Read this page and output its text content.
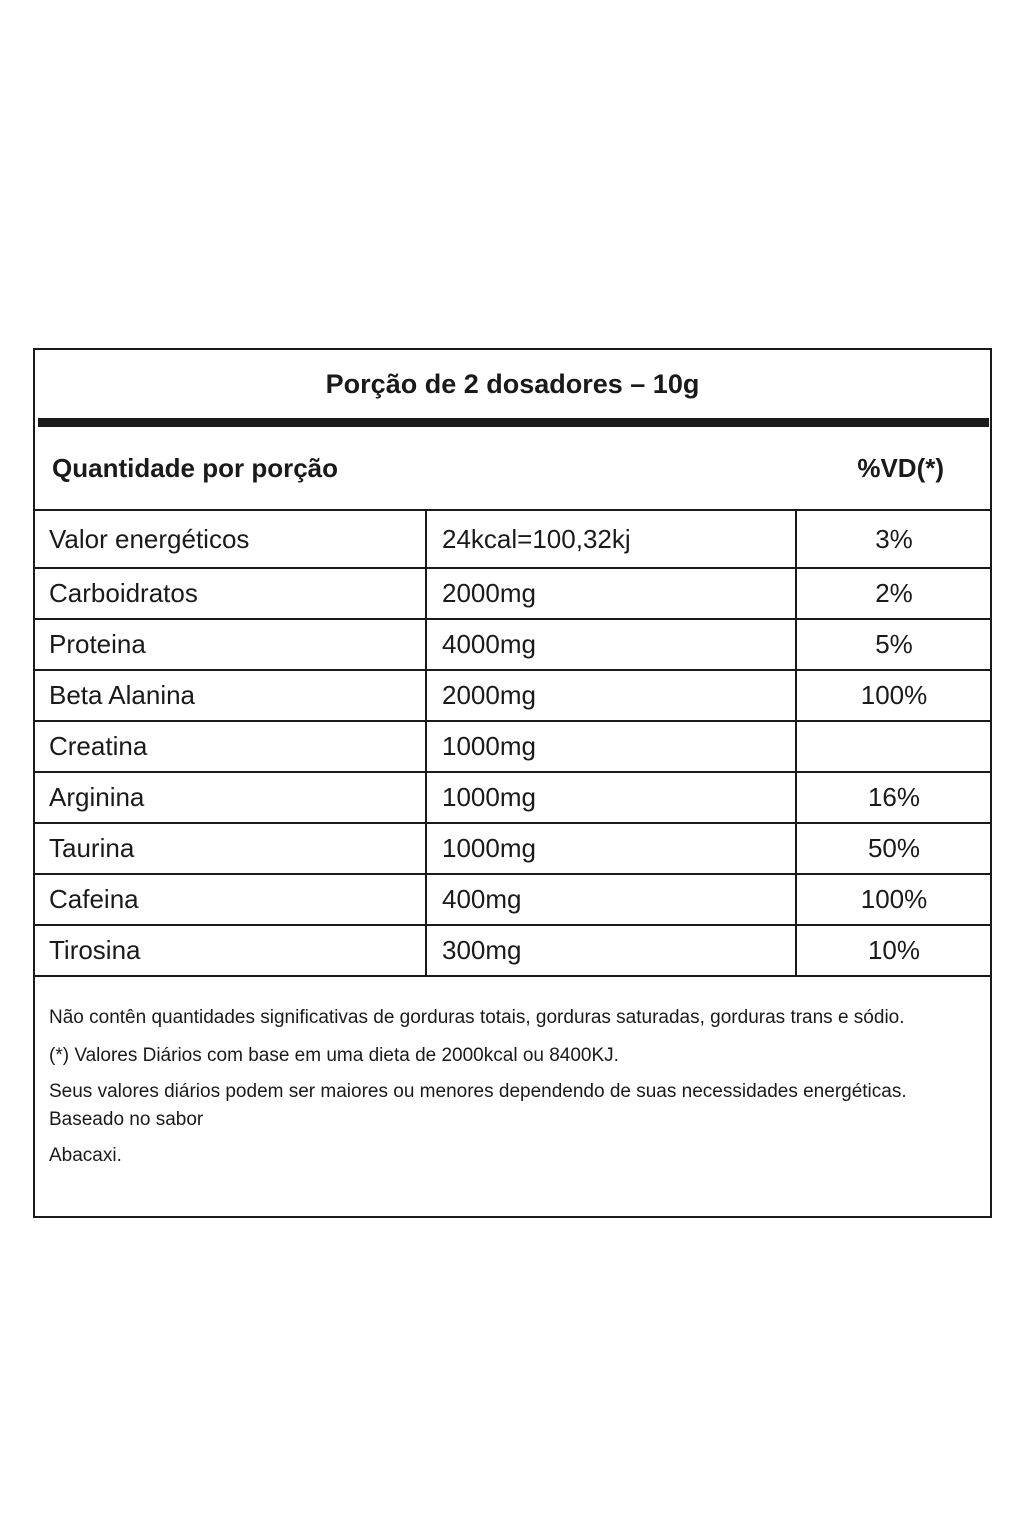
Porção de 2 dosadores – 10g
Quantidade por porção	%VD(*)
Valor energéticos	24kcal=100,32kj	3%
Carboidratos	2000mg	2%
Proteina	4000mg	5%
Beta Alanina	2000mg	100%
Creatina	1000mg	
Arginina	1000mg	16%
Taurina	1000mg	50%
Cafeina	400mg	100%
Tirosina	300mg	10%

Não contên quantidades significativas de gorduras totais, gorduras saturadas, gorduras trans e sódio.

(*) Valores Diários com base em uma dieta de 2000kcal ou 8400KJ.

Seus valores diários podem ser maiores ou menores dependendo de suas necessidades energéticas. Baseado no sabor

Abacaxi.
